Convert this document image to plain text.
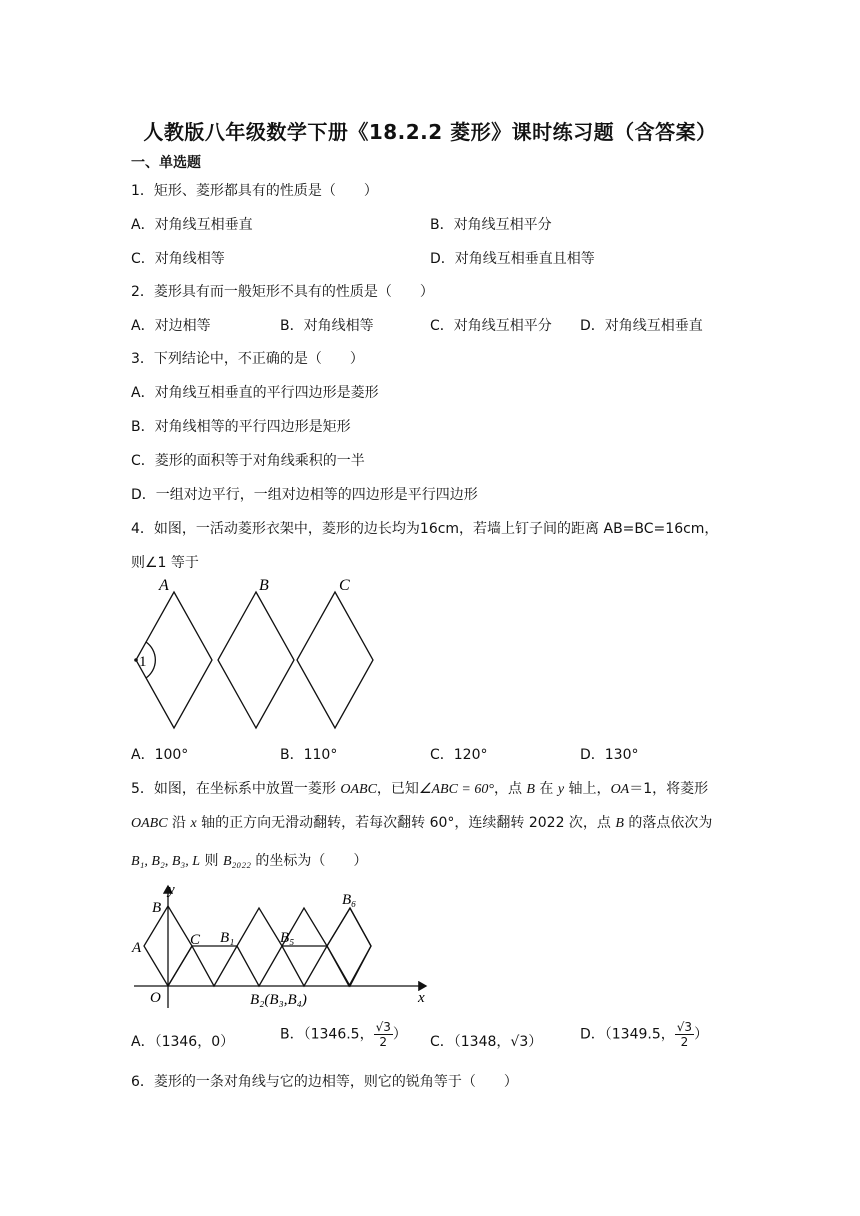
人教版八年级数学下册《18.2.2 菱形》课时练习题（含答案）
一、单选题
1．矩形、菱形都具有的性质是（　　）
A．对角线互相垂直	B．对角线互相平分
C．对角线相等	D．对角线互相垂直且相等
2．菱形具有而一般矩形不具有的性质是（　　）
A．对边相等	B．对角线相等	C．对角线互相平分 D．对角线互相垂直
3．下列结论中，不正确的是（　　）
A．对角线互相垂直的平行四边形是菱形
B．对角线相等的平行四边形是矩形
C．菱形的面积等于对角线乘积的一半
D．一组对边平行，一组对边相等的四边形是平行四边形
4．如图，一活动菱形衣架中，菱形的边长均为16cm，若墙上钉子间的距离 AB=BC=16cm，
则∠1 等于
A	B	C
1
A．100°	B．110°	C．120°	D．130°
5．如图，在坐标系中放置一菱形 OABC，已知∠ABC = 60°，点 B 在 y 轴上，OA＝1，将菱形
OABC 沿 x 轴的正方向无滑动翻转，若每次翻转 60°，连续翻转 2022 次，点 B 的落点依次为
B₁, B₂, B₃, L 则 B₂₀₂₂ 的坐标为（　　）
y
x
B
A
O
C B₁	B₅
B₆
B₂(B₃,B₄)
A．（1346，0）	B．（1346.5， $\frac{√3}{2}$ ） C．（1348，√3）	D．（1349.5， $\frac{√3}{2}$ ）
6．菱形的一条对角线与它的边相等，则它的锐角等于（　　）
